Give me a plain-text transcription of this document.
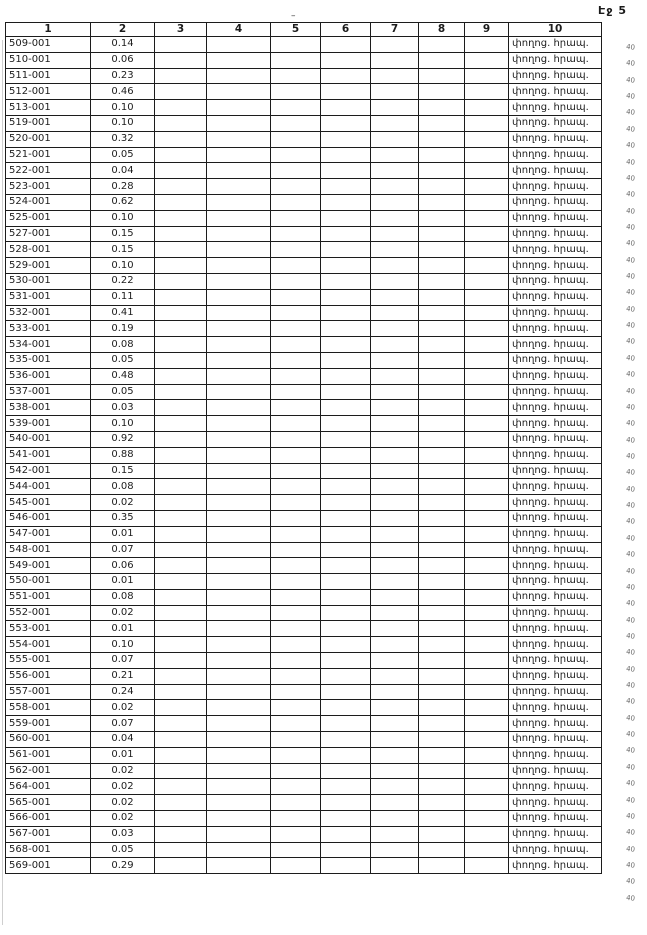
Էջ 5
–
1	2	3	4	5	6	7	8	9	10
509-001	0.14								փողոց. հրապ.
510-001	0.06								փողոց. հրապ.
511-001	0.23								փողոց. հրապ.
512-001	0.46								փողոց. հրապ.
513-001	0.10								փողոց. հրապ.
519-001	0.10								փողոց. հրապ.
520-001	0.32								փողոց. հրապ.
521-001	0.05								փողոց. հրապ.
522-001	0.04								փողոց. հրապ.
523-001	0.28								փողոց. հրապ.
524-001	0.62								փողոց. հրապ.
525-001	0.10								փողոց. հրապ.
527-001	0.15								փողոց. հրապ.
528-001	0.15								փողոց. հրապ.
529-001	0.10								փողոց. հրապ.
530-001	0.22								փողոց. հրապ.
531-001	0.11								փողոց. հրապ.
532-001	0.41								փողոց. հրապ.
533-001	0.19								փողոց. հրապ.
534-001	0.08								փողոց. հրապ.
535-001	0.05								փողոց. հրապ.
536-001	0.48								փողոց. հրապ.
537-001	0.05								փողոց. հրապ.
538-001	0.03								փողոց. հրապ.
539-001	0.10								փողոց. հրապ.
540-001	0.92								փողոց. հրապ.
541-001	0.88								փողոց. հրապ.
542-001	0.15								փողոց. հրապ.
544-001	0.08								փողոց. հրապ.
545-001	0.02								փողոց. հրապ.
546-001	0.35								փողոց. հրապ.
547-001	0.01								փողոց. հրապ.
548-001	0.07								փողոց. հրապ.
549-001	0.06								փողոց. հրապ.
550-001	0.01								փողոց. հրապ.
551-001	0.08								փողոց. հրապ.
552-001	0.02								փողոց. հրապ.
553-001	0.01								փողոց. հրապ.
554-001	0.10								փողոց. հրապ.
555-001	0.07								փողոց. հրապ.
556-001	0.21								փողոց. հրապ.
557-001	0.24								փողոց. հրապ.
558-001	0.02								փողոց. հրապ.
559-001	0.07								փողոց. հրապ.
560-001	0.04								փողոց. հրապ.
561-001	0.01								փողոց. հրապ.
562-001	0.02								փողոց. հրապ.
564-001	0.02								փողոց. հրապ.
565-001	0.02								փողոց. հրապ.
566-001	0.02								փողոց. հրապ.
567-001	0.03								փողոց. հրապ.
568-001	0.05								փողոց. հրապ.
569-001	0.29								փողոց. հրապ.
40
40
40
40
40
40
40
40
40
40
40
40
40
40
40
40
40
40
40
40
40
40
40
40
40
40
40
40
40
40
40
40
40
40
40
40
40
40
40
40
40
40
40
40
40
40
40
40
40
40
40
40
40
